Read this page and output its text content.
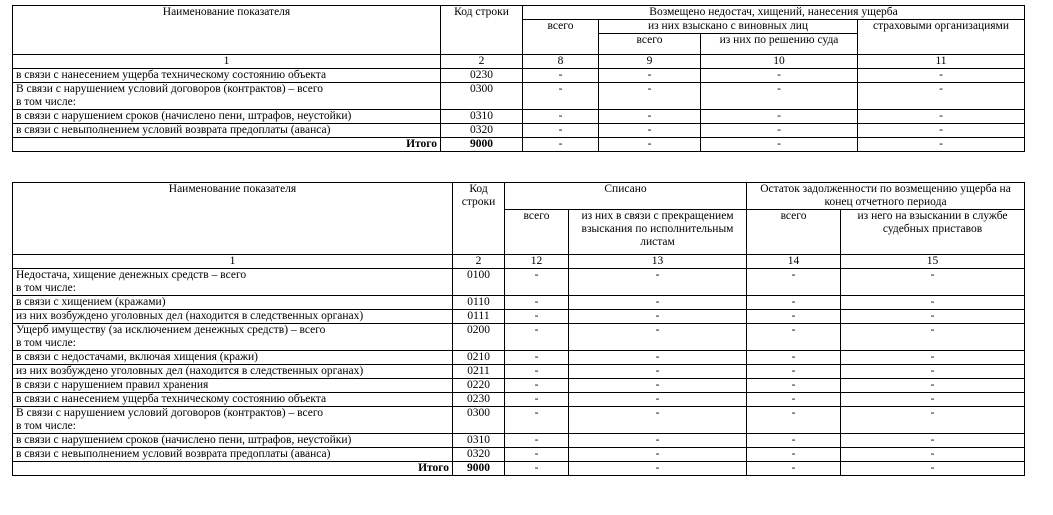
Наименование показателя	Код строки	Возмещено недостач, хищений, нанесения ущерба			
		всего	из них взыскано с виновных лиц		страховыми организациями
			всего	из них по решению суда	
1	2	8	9	10	11
в связи с нанесением ущерба техническому состоянию объекта	0230	-	-	-	-

В связи с нарушением условий договоров (контрактов) – всего
в том числе:	0300	-	-	-	-
в связи с нарушением сроков (начислено пени, штрафов, неустойки)	0310	-	-	-	-
в связи с невыполнением условий возврата предоплаты (аванса)	0320	-	-	-	-
Итого	9000	-	-	-	-
Наименование показателя	Код строки	Списано		Остаток задолженности по возмещению ущерба на конец отчетного периода	
		всего	из них в связи с прекращением взыскания по исполнительным листам	всего	из него на взыскании в службе судебных приставов
1	2	12	13	14	15

Недостача, хищение денежных средств – всего
в том числе:	0100	-	-	-	-

в связи с хищением (кражами)	0110	-	-	-	-

из них возбуждено уголовных дел (находится в следственных органах)	0111	-	-	-	-

Ущерб имуществу (за исключением денежных средств) – всего
в том числе:	0200	-	-	-	-

в связи с недостачами, включая хищения (кражи)	0210	-	-	-	-

из них возбуждено уголовных дел (находится в следственных органах)	0211	-	-	-	-

в связи с нарушением правил хранения	0220	-	-	-	-

в связи с нанесением ущерба техническому состоянию объекта	0230	-	-	-	-

В связи с нарушением условий договоров (контрактов) – всего
в том числе:	0300	-	-	-	-

в связи с нарушением сроков (начислено пени, штрафов, неустойки)	0310	-	-	-	-

в связи с невыполнением условий возврата предоплаты (аванса)	0320	-	-	-	-
Итого	9000	-	-	-	-
